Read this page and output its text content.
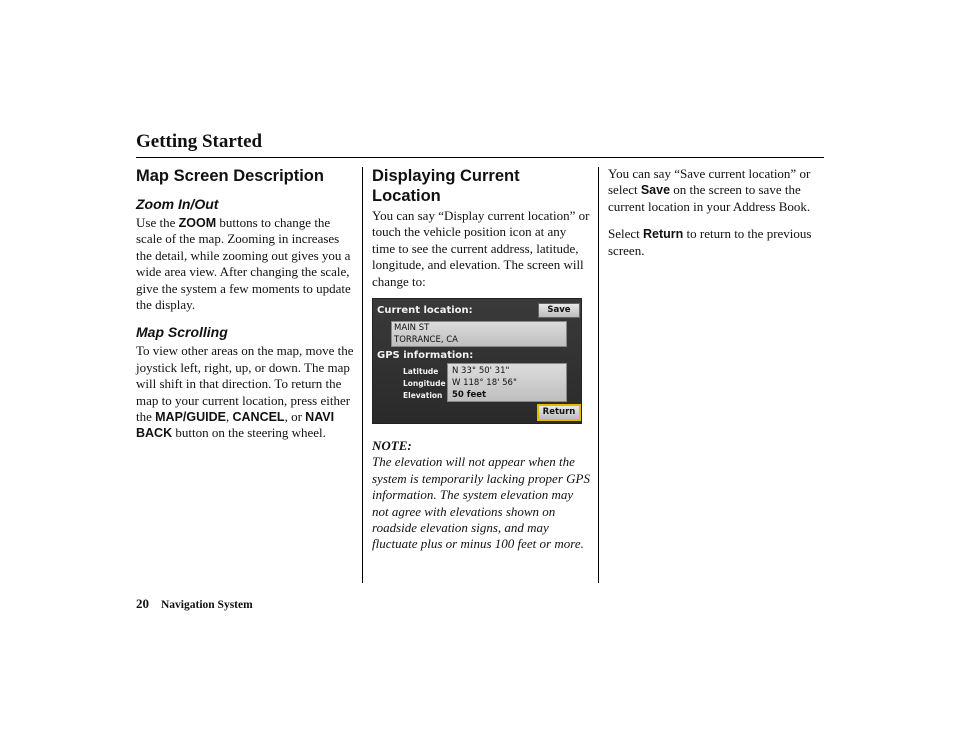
Getting Started
Map Screen Description
Zoom In/Out

Use the ZOOM buttons to change the scale of the map. Zooming in increases the detail, while zooming out gives you a wide area view. After changing the scale, give the system a few moments to update the display.

Map Scrolling

To view other areas on the map, move the joystick left, right, up, or down. The map will shift in that direction. To return the map to your current location, press either the MAP/GUIDE, CANCEL, or NAVI BACK button on the steering wheel.

Displaying Current Location

You can say “Display current location” or touch the vehicle position icon at any time to see the current address, latitude, longitude, and elevation. The screen will change to:

Current location:	Save
MAIN ST
TORRANCE, CA
GPS information:
Latitude
Longitude
Elevation
N 33° 50' 31"
W 118° 18' 56"
50 feet
Return

NOTE:

The elevation will not appear when the system is temporarily lacking proper GPS information. The system elevation may not agree with elevations shown on roadside elevation signs, and may fluctuate plus or minus 100 feet or more.

You can say “Save current location” or select Save on the screen to save the current location in your Address Book.

Select Return to return to the previous screen.

20 Navigation System
